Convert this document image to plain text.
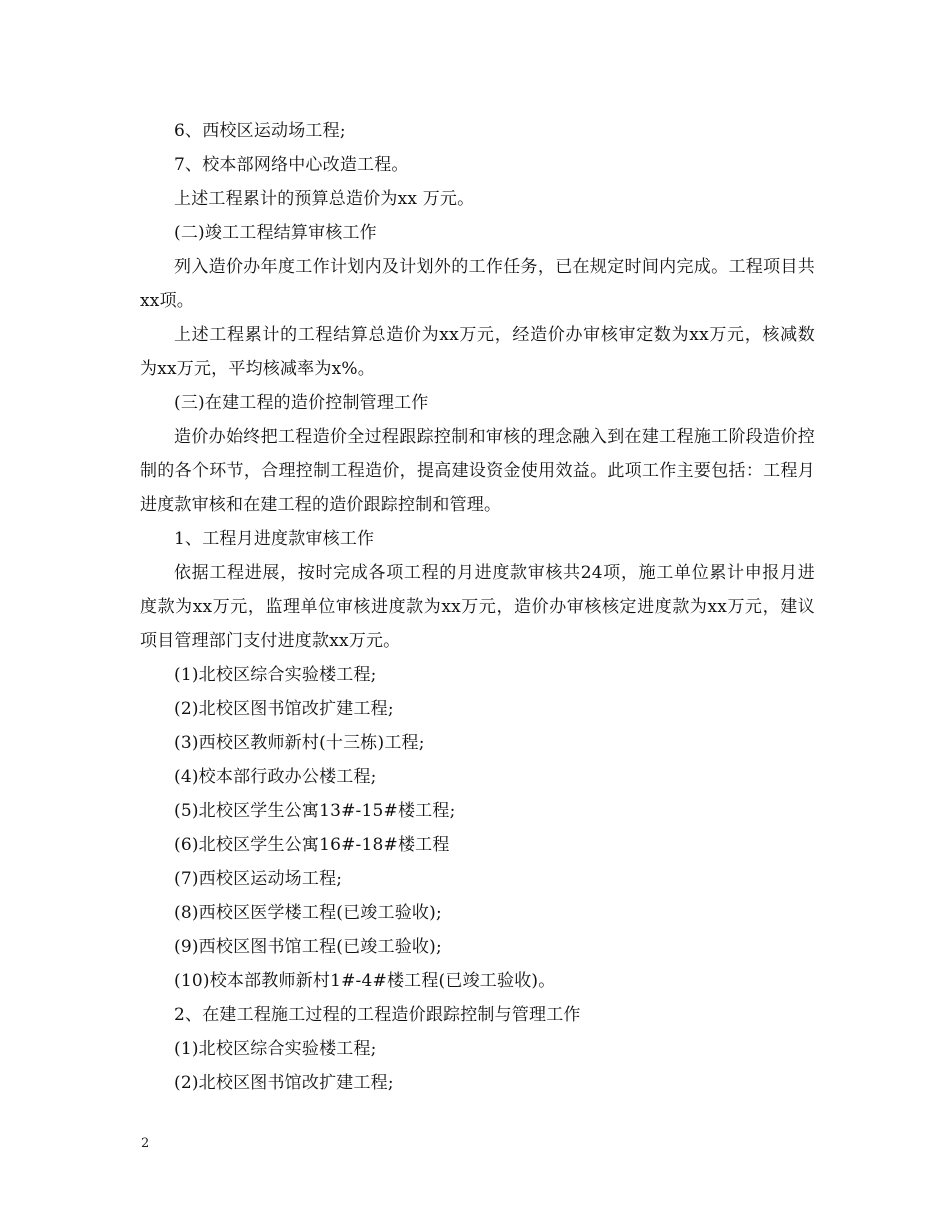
6、西校区运动场工程;

7、校本部网络中心改造工程。

上述工程累计的预算总造价为xx 万元。

(二)竣工工程结算审核工作

列入造价办年度工作计划内及计划外的工作任务，已在规定时间内完成。工程项目共xx项。

上述工程累计的工程结算总造价为xx万元，经造价办审核审定数为xx万元，核减数为xx万元，平均核减率为x%。

(三)在建工程的造价控制管理工作

造价办始终把工程造价全过程跟踪控制和审核的理念融入到在建工程施工阶段造价控制的各个环节，合理控制工程造价，提高建设资金使用效益。此项工作主要包括：工程月进度款审核和在建工程的造价跟踪控制和管理。

1、工程月进度款审核工作

依据工程进展，按时完成各项工程的月进度款审核共24项，施工单位累计申报月进度款为xx万元，监理单位审核进度款为xx万元，造价办审核核定进度款为xx万元，建议项目管理部门支付进度款xx万元。

(1)北校区综合实验楼工程;

(2)北校区图书馆改扩建工程;

(3)西校区教师新村(十三栋)工程;

(4)校本部行政办公楼工程;

(5)北校区学生公寓13#-15#楼工程;

(6)北校区学生公寓16#-18#楼工程

(7)西校区运动场工程;

(8)西校区医学楼工程(已竣工验收);

(9)西校区图书馆工程(已竣工验收);

(10)校本部教师新村1#-4#楼工程(已竣工验收)。

2、在建工程施工过程的工程造价跟踪控制与管理工作

(1)北校区综合实验楼工程;

(2)北校区图书馆改扩建工程;

2
